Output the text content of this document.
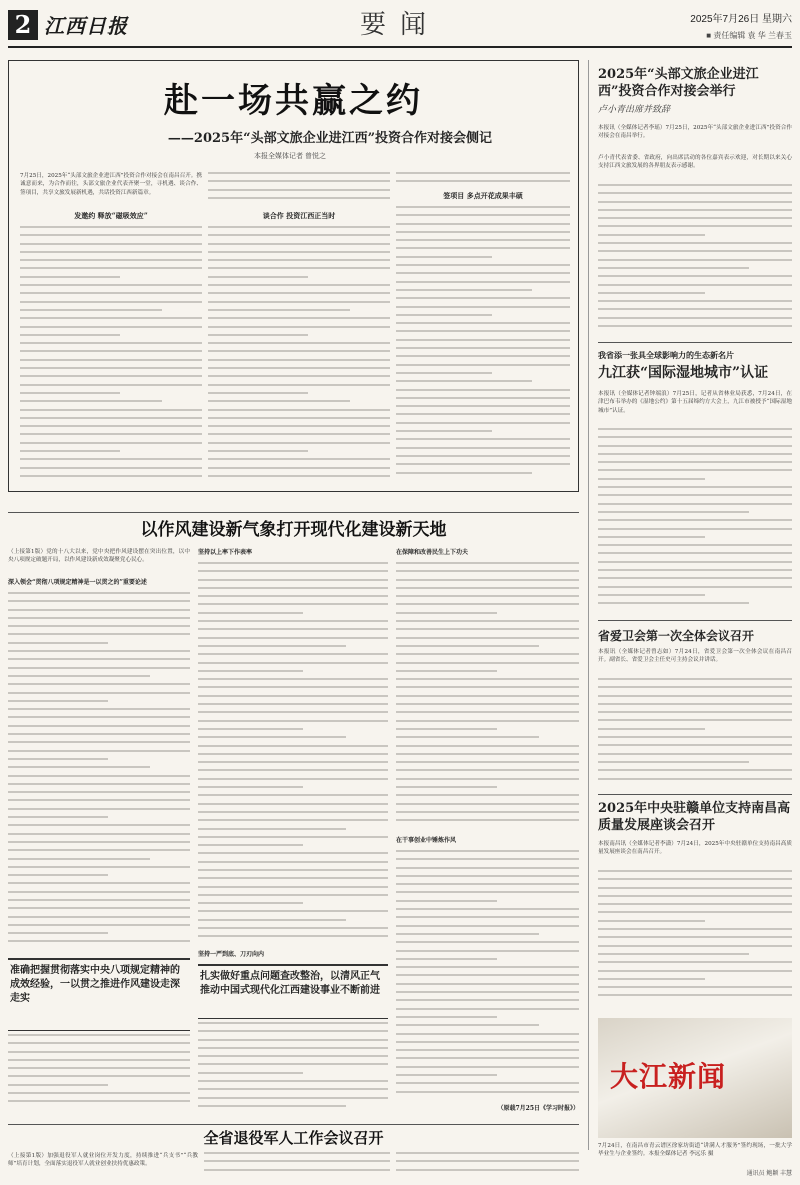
2 江西日报	要闻	2025年7月26日 星期六
■ 责任编辑 袁 华 兰春玉
赴一场共赢之约
——2025年“头部文旅企业进江西”投资合作对接会侧记
本报全媒体记者 曾悦之
7月25日，2025年“头部文旅企业进江西”投资合作对接会在南昌召开。携诚意而来，为合作而往，头部文旅企业代表齐聚一堂，寻机遇、谈合作、签项目，共享文旅发展新机遇，共话投资江西新篇章。
发邀约 释放“磁吸效应”	谈合作 投资江西正当时
签项目 多点开花成果丰硕
2025年“头部文旅企业进江西”投资合作对接会举行
卢小青出席并致辞
本报讯（全媒体记者李瑶）7月25日，2025年“头部文旅企业进江西”投资合作对接会在南昌举行。
卢小青代表省委、省政府，向出席活动的各位嘉宾表示欢迎，对长期以来关心支持江西文旅发展的各界朋友表示感谢。
我省添一张具全球影响力的生态新名片
九江获“国际湿地城市”认证
本报讯（全媒体记者钟端浪）7月25日，记者从省林业局获悉，7月24日，在津巴布韦举办的《湿地公约》第十五届缔约方大会上，九江市被授予“国际湿地城市”认证。
省爱卫会第一次全体会议召开
本报讯（全媒体记者曾志如）7月24日，省爱卫会第一次全体会议在南昌召开。副省长、省爱卫会主任史可主持会议并讲话。
2025年中央驻赣单位支持南昌高质量发展座谈会召开
本报南昌讯（全媒体记者李潇）7月24日，2025年中央驻赣单位支持南昌高质量发展座谈会在南昌召开。
大江新闻
7月24日，在南昌市青云谱区徐家坊街道“讲满人才服务”签约现场，一批大学毕业生与企业签约。本报全媒体记者 李远乐 摄
通讯员 鲍颖 丰慧
以作风建设新气象打开现代化建设新天地
（上接第1版）党的十八大以来，党中央把作风建设摆在突出位置，以中央八项规定破题开局，以作风建设新成效凝聚党心民心。
深入领会“贯彻八项规定精神是一以贯之的”重要论述
准确把握贯彻落实中央八项规定精神的成效经验，一以贯之推进作风建设走深走实
坚持以上率下作表率
坚持一严到底、刀刃向内
扎实做好重点问题查改整治，以清风正气推动中国式现代化江西建设事业不断前进
在保障和改善民生上下功夫
在干事创业中锤炼作风
（原载7月25日《学习时报》）
全省退役军人工作会议召开
（上接第1版）加强退役军人就业岗位开发力度，持续推进“兵支书”“兵教师”培育计划，全面落实退役军人就业创业扶持优惠政策。
